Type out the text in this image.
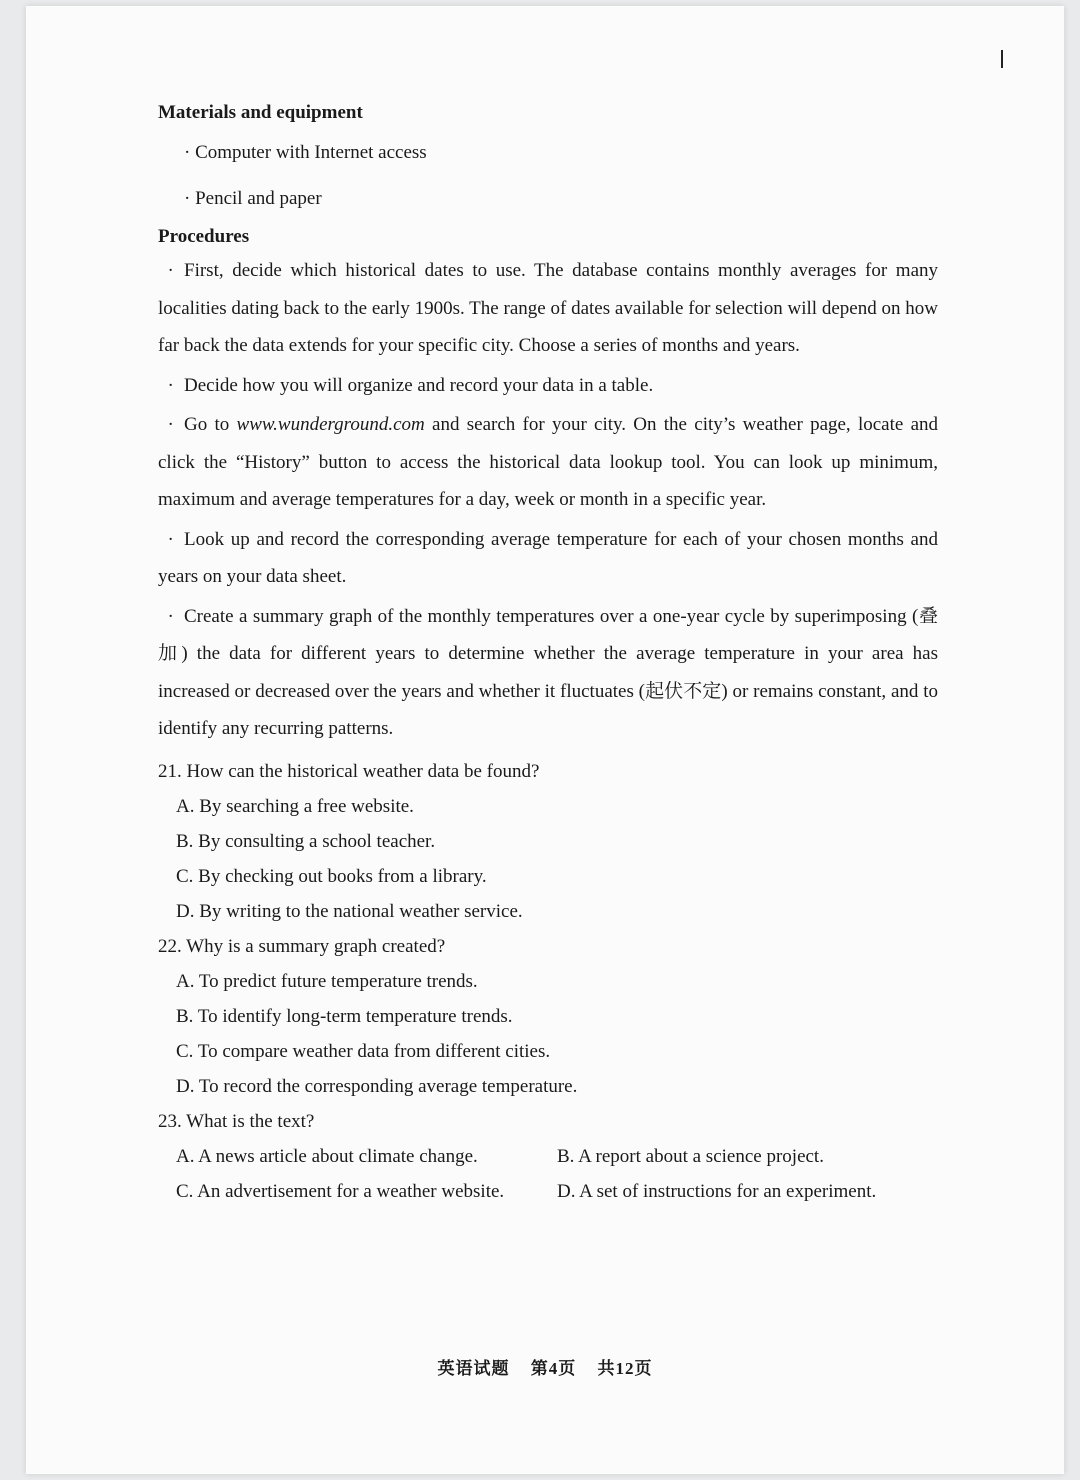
Materials and equipment
· Computer with Internet access
· Pencil and paper
Procedures
· First, decide which historical dates to use. The database contains monthly averages for many localities dating back to the early 1900s. The range of dates available for selection will depend on how far back the data extends for your specific city. Choose a series of months and years.
· Decide how you will organize and record your data in a table.
· Go to www.wunderground.com and search for your city. On the city’s weather page, locate and click the “History” button to access the historical data lookup tool. You can look up minimum, maximum and average temperatures for a day, week or month in a specific year.
· Look up and record the corresponding average temperature for each of your chosen months and years on your data sheet.
· Create a summary graph of the monthly temperatures over a one-year cycle by superimposing (叠加) the data for different years to determine whether the average temperature in your area has increased or decreased over the years and whether it fluctuates (起伏不定) or remains constant, and to identify any recurring patterns.
21. How can the historical weather data be found?
A. By searching a free website.
B. By consulting a school teacher.
C. By checking out books from a library.
D. By writing to the national weather service.
22. Why is a summary graph created?
A. To predict future temperature trends.
B. To identify long-term temperature trends.
C. To compare weather data from different cities.
D. To record the corresponding average temperature.
23. What is the text?
A. A news article about climate change.	B. A report about a science project.
C. An advertisement for a weather website.	D. A set of instructions for an experiment.
英语试题 第4页 共12页
